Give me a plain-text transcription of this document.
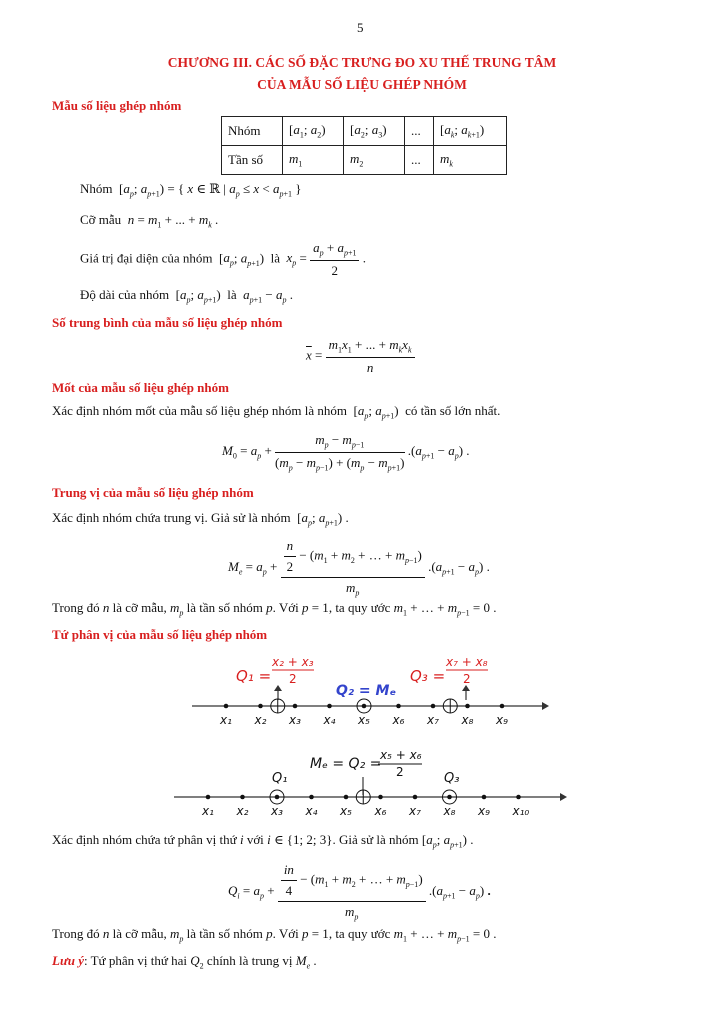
5
CHƯƠNG III. CÁC SỐ ĐẶC TRƯNG ĐO XU THẾ TRUNG TÂM
CỦA MẪU SỐ LIỆU GHÉP NHÓM
Mẫu số liệu ghép nhóm
Nhóm	[$a_1$; $a_2$)	[$a_2$; $a_3$)	...	[$a_k$; $a_{k+1}$)
Tần số	$m_1$	$m_2$	...	$m_k$
Nhóm  [$a_p$; $a_{p+1}$) = { x ∈ ℝ | $a_p \le x < a_{p+1}$ }
Cỡ mẫu $n = m_1$ + ... + $m_k$ .
Giá trị đại diện của nhóm  [$a_p$; $a_{p+1}$)  là $x_p = \frac{a_p + a_{p+1}}{2}$ .
Độ dài của nhóm  [$a_p$; $a_{p+1}$)  là $a_{p+1} - a_p$ .
Số trung bình của mẫu số liệu ghép nhóm
$\overline{x} = \frac{m_1x_1 + ... + m_kx_k}{n}$
Mốt của mẫu số liệu ghép nhóm
Xác định nhóm mốt của mẫu số liệu ghép nhóm là nhóm  [$a_p$; $a_{p+1}$)  có tần số lớn nhất.
$M_0 = a_p + \frac{m_p - m_{p-1}}{(m_p - m_{p-1}) + (m_p - m_{p+1})} .(a_{p+1} - a_p)$ .
Trung vị của mẫu số liệu ghép nhóm
Xác định nhóm chứa trung vị. Giả sử là nhóm  [$a_p$; $a_{p+1}$) .
$M_e = a_p + \frac{\frac{n}{2} - (m_1 + m_2 + \dots + m_{p-1})}{m_p} .(a_{p+1} - a_p)$ .
Trong đó n là cỡ mẫu, $m_p$ là tần số nhóm p. Với p = 1, ta quy ước $m_1$ + … + $m_{p-1} = 0$ .
Tứ phân vị của mẫu số liệu ghép nhóm
Q₁ =
x₂ + x₃
2
Q₂ = Mₑ
Q₃ =
x₇ + x₈
2
x₁ x₂ x₃ x₄ x₅ x₆ x₇ x₈ x₉
Mₑ = Q₂ =
x₅ + x₆
2
Q₁	Q₃
x₁ x₂ x₃ x₄ x₅ x₆ x₇ x₈ x₉ x₁₀
Xác định nhóm chứa tứ phân vị thứ i với i ∈ {1; 2; 3}. Giả sử là nhóm [$a_p$; $a_{p+1}$) .
$Q_i = a_p + \frac{\frac{in}{4} - (m_1 + m_2 + \dots + m_{p-1})}{m_p} .(a_{p+1} - a_p)$ .
Trong đó n là cỡ mẫu, $m_p$ là tần số nhóm p. Với p = 1, ta quy ước $m_1$ + … + $m_{p-1} = 0$ .
Lưu ý: Tứ phân vị thứ hai $Q_2$ chính là trung vị $M_e$ .
